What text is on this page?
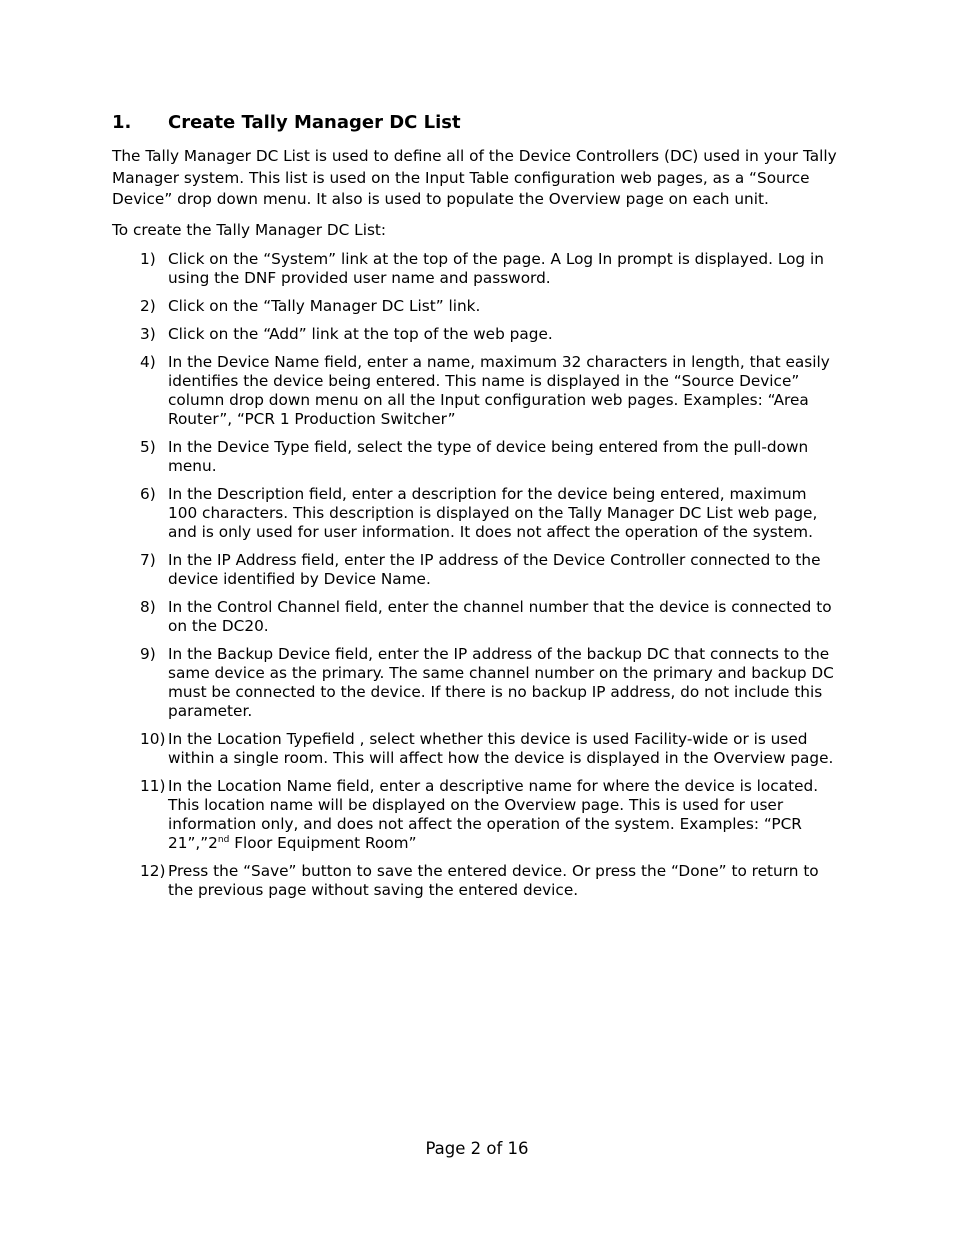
1.	Create Tally Manager DC List

The Tally Manager DC List is used to define all of the Device Controllers (DC) used in your Tally Manager system. This list is used on the Input Table configuration web pages, as a “Source Device” drop down menu. It also is used to populate the Overview page on each unit.

To create the Tally Manager DC List:

1) Click on the “System” link at the top of the page. A Log In prompt is displayed. Log in using the DNF provided user name and password.
2) Click on the “Tally Manager DC List” link.
3) Click on the “Add” link at the top of the web page.
4) In the Device Name field, enter a name, maximum 32 characters in length, that easily identifies the device being entered. This name is displayed in the “Source Device” column drop down menu on all the Input configuration web pages. Examples: “Area Router”, “PCR 1 Production Switcher”
5) In the Device Type field, select the type of device being entered from the pull-down menu.
6) In the Description field, enter a description for the device being entered, maximum 100 characters. This description is displayed on the Tally Manager DC List web page, and is only used for user information. It does not affect the operation of the system.
7) In the IP Address field, enter the IP address of the Device Controller connected to the device identified by Device Name.
8) In the Control Channel field, enter the channel number that the device is connected to on the DC20.
9) In the Backup Device field, enter the IP address of the backup DC that connects to the same device as the primary. The same channel number on the primary and backup DC must be connected to the device. If there is no backup IP address, do not include this parameter.
10) In the Location Typefield , select whether this device is used Facility-wide or is used within a single room. This will affect how the device is displayed in the Overview page.
11) In the Location Name field, enter a descriptive name for where the device is located. This location name will be displayed on the Overview page. This is used for user information only, and does not affect the operation of the system. Examples: “PCR 21”,”2nd Floor Equipment Room”
12) Press the “Save” button to save the entered device. Or press the “Done” to return to the previous page without saving the entered device.
Page 2 of 16
